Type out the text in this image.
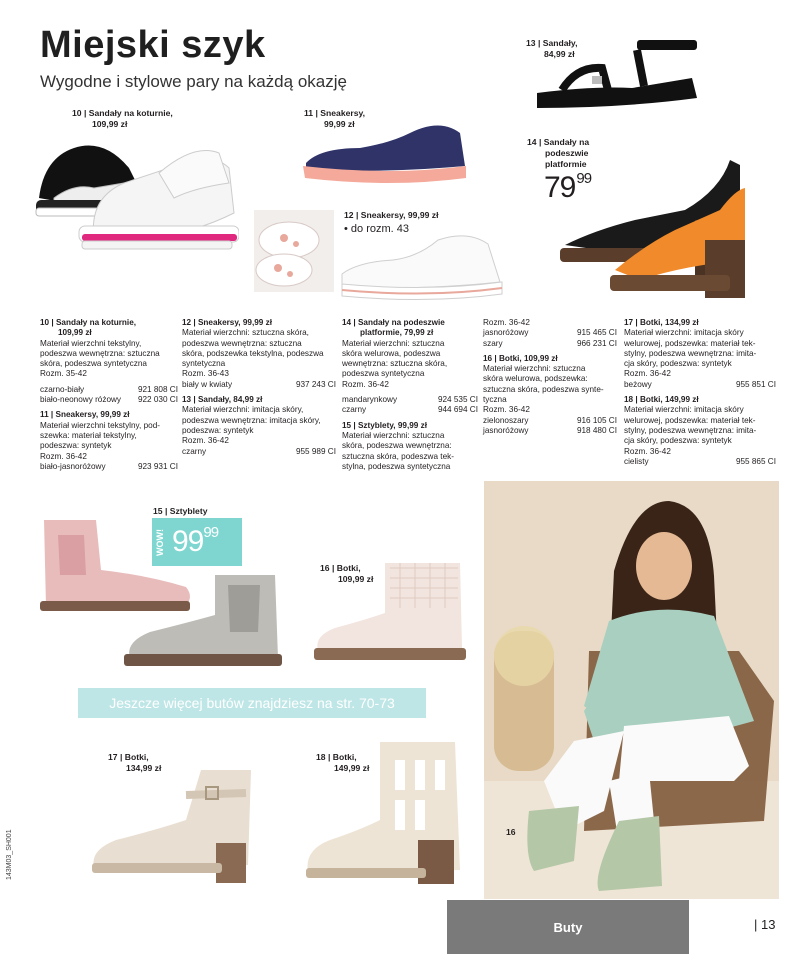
Miejski szyk
Wygodne i stylowe pary na każdą okazję
10 | Sandały na koturnie,
109,99 zł
11 | Sneakersy,
99,99 zł
12 | Sneakersy, 99,99 zł
• do rozm. 43
13 | Sandały,
84,99 zł
14 | Sandały na
podeszwie
platformie
$79^{99}$
10 | Sandały na koturnie,
109,99 zł
Materiał wierzchni tekstylny,
podeszwa wewnętrzna: sztuczna
skóra, podeszwa syntetyczna
Rozm. 35-42
czarno-biały	921 808 CI
biało-neonowy różowy 922 030 CI
11 | Sneakersy, 99,99 zł
Materiał wierzchni tekstylny, pod-
szewka: materiał tekstylny,
podeszwa: syntetyk
Rozm. 36-42
biało-jasnoróżowy	923 931 CI
12 | Sneakersy, 99,99 zł
Materiał wierzchni: sztuczna skóra,
podeszwa wewnętrzna: sztuczna
skóra, podszewka tekstylna, podeszwa
syntetyczna
Rozm. 36-43
biały w kwiaty	937 243 CI
13 | Sandały, 84,99 zł
Materiał wierzchni: imitacja skóry,
podeszwa wewnętrzna: imitacja skóry,
podeszwa: syntetyk
Rozm. 36-42
czarny	955 989 CI
14 | Sandały na podeszwie
platformie, 79,99 zł
Materiał wierzchni: sztuczna
skóra welurowa, podeszwa
wewnętrzna: sztuczna skóra,
podeszwa syntetyczna
Rozm. 36-42
mandarynkowy	924 535 CI
czarny	944 694 CI
15 | Sztyblety, 99,99 zł
Materiał wierzchni: sztuczna
skóra, podeszwa wewnętrzna:
sztuczna skóra, podeszwa tek-
stylna, podeszwa syntetyczna
Rozm. 36-42
jasnoróżowy	915 465 CI
szary	966 231 CI
16 | Botki, 109,99 zł
Materiał wierzchni: sztuczna
skóra welurowa, podszewka:
sztuczna skóra, podeszwa synte-
tyczna
Rozm. 36-42
zielonoszary	916 105 CI
jasnoróżowy	918 480 CI
17 | Botki, 134,99 zł
Materiał wierzchni: imitacja skóry
welurowej, podszewka: materiał tek-
stylny, podeszwa wewnętrzna: imita-
cja skóry, podeszwa: syntetyk
Rozm. 36-42
beżowy	955 851 CI
18 | Botki, 149,99 zł
Materiał wierzchni: imitacja skóry
welurowej, podszewka: materiał tek-
stylny, podeszwa wewnętrzna: imita-
cja skóry, podeszwa: syntetyk
Rozm. 36-42
cielisty	955 865 CI
15 | Sztyblety
WOW! $99^{99}$
16 | Botki,
109,99 zł
Jeszcze więcej butów znajdziesz na str. 70-73
17 | Botki,
134,99 zł
18 | Botki,
149,99 zł
16
Buty	| 13
143M03_SH001
